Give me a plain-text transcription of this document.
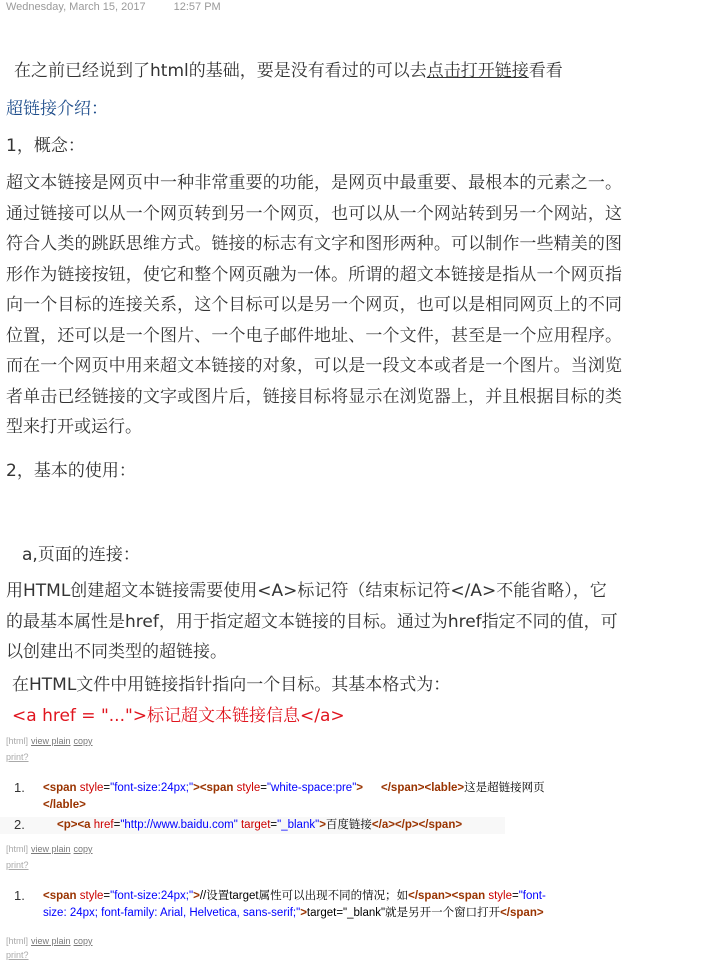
Wednesday, March 15, 2017	12:57 PM
在之前已经说到了html的基础，要是没有看过的可以去点击打开链接看看
超链接介绍：
1，概念：
超文本链接是网页中一种非常重要的功能，是网页中最重要、最根本的元素之一。通过链接可以从一个网页转到另一个网页，也可以从一个网站转到另一个网站，这符合人类的跳跃思维方式。链接的标志有文字和图形两种。可以制作一些精美的图形作为链接按钮，使它和整个网页融为一体。所谓的超文本链接是指从一个网页指向一个目标的连接关系，这个目标可以是另一个网页，也可以是相同网页上的不同位置，还可以是一个图片、一个电子邮件地址、一个文件，甚至是一个应用程序。而在一个网页中用来超文本链接的对象，可以是一段文本或者是一个图片。当浏览者单击已经链接的文字或图片后，链接目标将显示在浏览器上，并且根据目标的类型来打开或运行。
2，基本的使用：
a,页面的连接：
用HTML创建超文本链接需要使用<A>标记符（结束标记符</A>不能省略），它的最基本属性是href，用于指定超文本链接的目标。通过为href指定不同的值，可以创建出不同类型的超链接。
在HTML文件中用链接指针指向一个目标。其基本格式为：
<a href = "...">标记超文本链接信息</a>
[html] view plain copy
print?
1.	<span style="font-size:24px;"><span style="white-space:pre"> </span><lable>这是超链接网页
</lable>
2.	<p><a href="http://www.baidu.com" target="_blank">百度链接</a></p></span>
[html] view plain copy
print?
1.	<span style="font-size:24px;">//设置target属性可以出现不同的情况；如</span><span style="font-
size: 24px; font-family: Arial, Helvetica, sans-serif;">target="_blank"就是另开一个窗口打开</span>
[html] view plain copy
print?
